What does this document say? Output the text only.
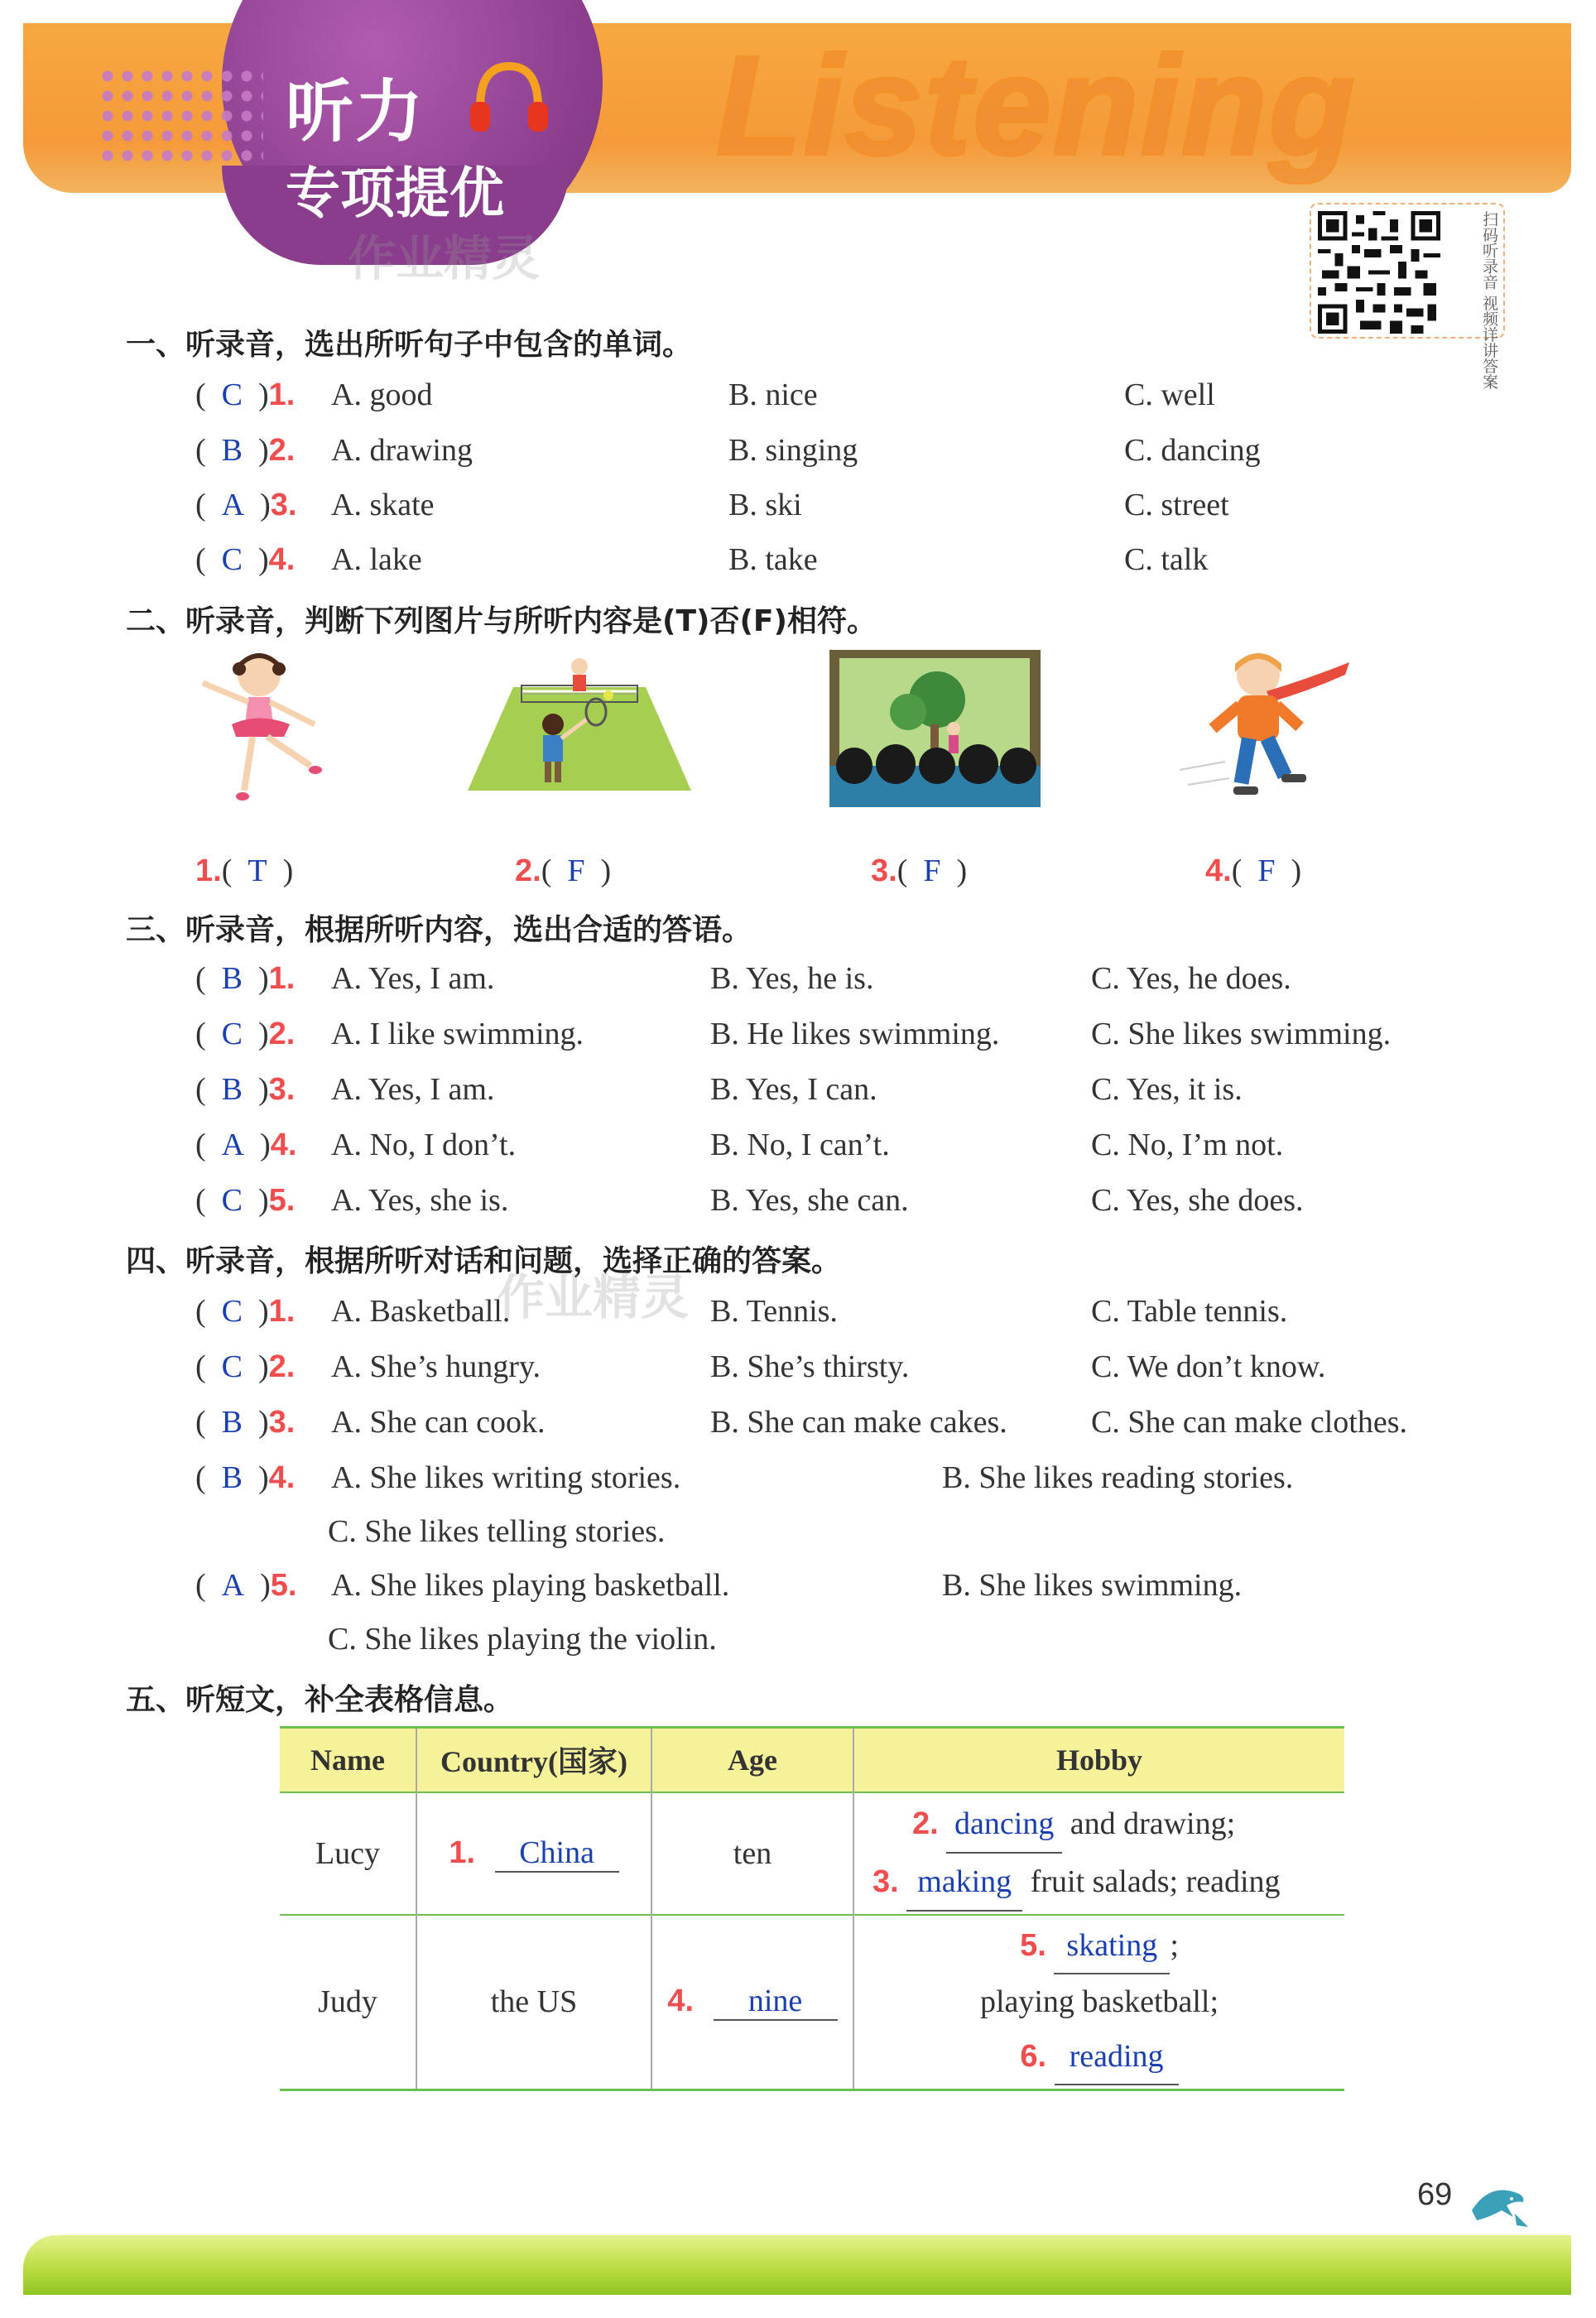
听力
专项提优
Listening
作业精灵	扫码听录音 视频详讲答案
一、听录音，选出所听句子中包含的单词。
(  C  )1. A. good	B. nice	C. well
(  B  )2. A. drawing	B. singing	C. dancing
(  A  )3. A. skate	B. ski	C. street
(  C  )4. A. lake	B. take	C. talk
二、听录音，判断下列图片与所听内容是(T)否(F)相符。
1.(  T  )	2.(  F  )	3.(  F  )	4.(  F  )
三、听录音，根据所听内容，选出合适的答语。
(  B  )1. A. Yes, I am.	B. Yes, he is.	C. Yes, he does.
(  C  )2. A. I like swimming.	B. He likes swimming.	C. She likes swimming.
(  B  )3. A. Yes, I am.	B. Yes, I can.	C. Yes, it is.
(  A  )4. A. No, I don’t.	B. No, I can’t.	C. No, I’m not.
(  C  )5. A. Yes, she is.	B. Yes, she can.	C. Yes, she does.
四、听录音，根据所听对话和问题，选择正确的答案。
作业精灵
(  C  )1. A. Basketball.	B. Tennis.	C. Table tennis.
(  C  )2. A. She’s hungry.	B. She’s thirsty.	C. We don’t know.
(  B  )3. A. She can cook.	B. She can make cakes.	C. She can make clothes.
(  B  )4. A. She likes writing stories.	B. She likes reading stories.
C. She likes telling stories.
(  A  )5. A. She likes playing basketball.	B. She likes swimming.
C. She likes playing the violin.
五、听短文，补全表格信息。
Name	Country(国家)	Age	Hobby
Lucy	1. China	ten	2. dancing and drawing;
3. making fruit salads; reading

Judy	the US	4. nine	5. skating ;
playing basketball;
6. reading
69
